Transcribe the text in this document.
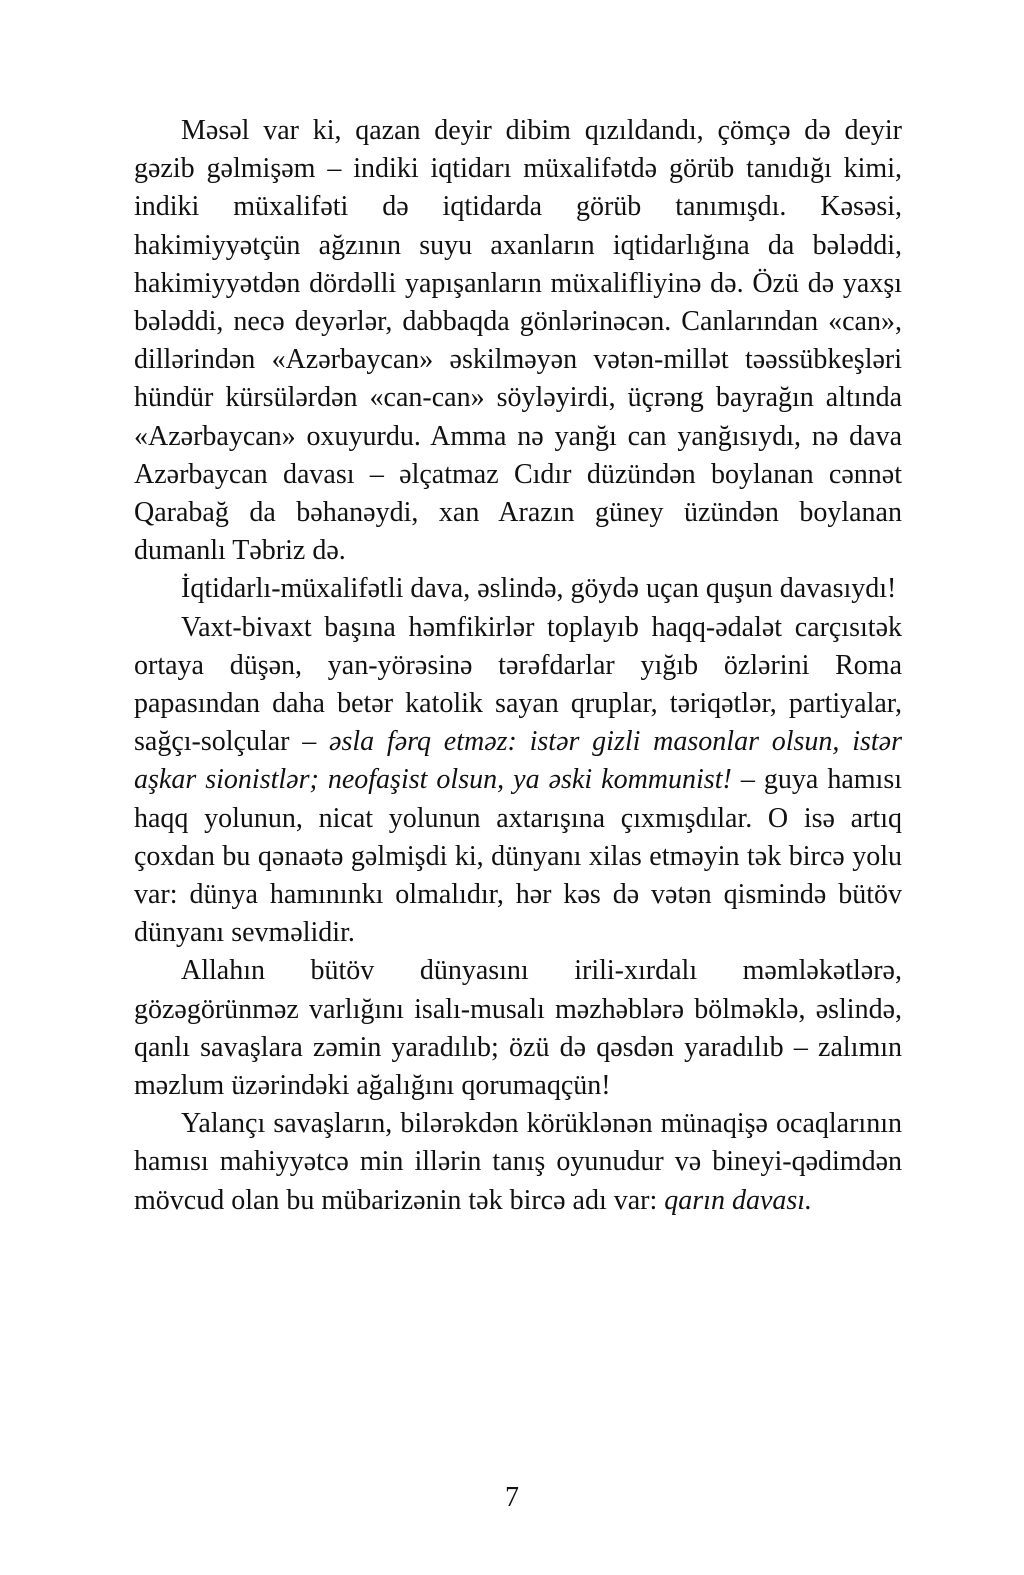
Məsəl var ki, qazan deyir dibim qızıldandı, çömçə də deyir gəzib gəlmişəm – indiki iqtidarı müxalifətdə görüb tanıdığı kimi, indiki müxalifəti də iqtidarda görüb tanımışdı. Kəsəsi, hakimiyyətçün ağzının suyu axanların iqtidarlığına da bələddi, hakimiyyətdən dördəlli yapışanların müxalifliyinə də. Özü də yaxşı bələddi, necə deyərlər, dabbaqda gönlərinəcən. Canlarından «can», dillərindən «Azərbaycan» əskilməyən vətən-millət təəssübkeşləri hündür kürsülərdən «can-can» söyləyirdi, üçrəng bayrağın altında «Azərbaycan» oxuyurdu. Amma nə yanğı can yanğısıydı, nə dava Azərbaycan davası – əlçatmaz Cıdır düzündən boylanan cənnət Qarabağ da bəhanəydi, xan Arazın güney üzündən boylanan dumanlı Təbriz də.

İqtidarlı-müxalifətli dava, əslində, göydə uçan quşun davasıydı!

Vaxt-bivaxt başına həmfikirlər toplayıb haqq-ədalət carçısıtək ortaya düşən, yan-yörəsinə tərəfdarlar yığıb özlərini Roma papasından daha betər katolik sayan qruplar, təriqətlər, partiyalar, sağçı-solçular – əsla fərq etməz: istər gizli masonlar olsun, istər aşkar sionistlər; neofaşist olsun, ya əski kommunist! – guya hamısı haqq yolunun, nicat yolunun axtarışına çıxmışdılar. O isə artıq çoxdan bu qənaətə gəlmişdi ki, dünyanı xilas etməyin tək bircə yolu var: dünya hamınınkı olmalıdır, hər kəs də vətən qismində bütöv dünyanı sevməlidir.

Allahın bütöv dünyasını irili-xırdalı məmləkətlərə, gözəgörünməz varlığını isalı-musalı məzhəblərə bölməklə, əslində, qanlı savaşlara zəmin yaradılıb; özü də qəsdən yaradılıb – zalımın məzlum üzərindəki ağalığını qorumaqçün!

Yalançı savaşların, bilərəkdən körüklənən münaqişə ocaqlarının hamısı mahiyyətcə min illərin tanış oyunudur və bineyi-qədimdən mövcud olan bu mübarizənin tək bircə adı var: qarın davası.

7
